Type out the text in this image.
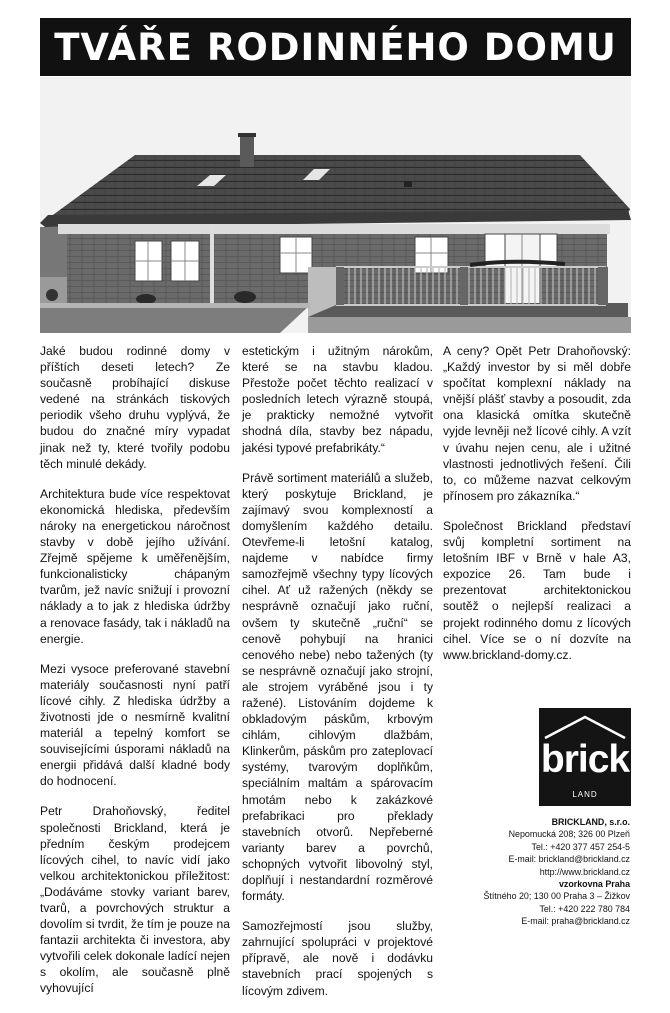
TVÁŘE RODINNÉHO DOMU

Jaké budou rodinné domy v příštích deseti letech? Ze současně probíhající diskuse vedené na stránkách tiskových periodik všeho druhu vyplývá, že budou do značné míry vypadat jinak než ty, které tvořily podobu těch minulé dekády.

Architektura bude více respektovat ekonomická hlediska, především nároky na energetickou náročnost stavby v době jejího užívání. Zřejmě spějeme k uměřenějším, funkcionalisticky chápaným tvarům, jež navíc snižují i provozní náklady a to jak z hlediska údržby a renovace fasády, tak i nákladů na energie.

Mezi vysoce preferované stavební materiály současnosti nyní patří lícové cihly. Z hlediska údržby a životnosti jde o nesmírně kvalitní materiál a tepelný komfort se souvisejícími úsporami nákladů na energii přidává další kladné body do hodnocení.

Petr Drahoňovský, ředitel společnosti Brickland, která je předním českým prodejcem lícových cihel, to navíc vidí jako velkou architektonickou příležitost: „Dodáváme stovky variant barev, tvarů, a povrchových struktur a dovolím si tvrdit, že tím je pouze na fantazii architekta či investora, aby vytvořili celek dokonale ladící nejen s okolím, ale současně plně vyhovující

estetickým i užitným nárokům, které se na stavbu kladou. Přestože počet těchto realizací v posledních letech výrazně stoupá, je prakticky nemožné vytvořit shodná díla, stavby bez nápadu, jakési typové prefabrikáty.“

Právě sortiment materiálů a služeb, který poskytuje Brickland, je zajímavý svou komplexností a domyšlením každého detailu. Otevřeme-li letošní katalog, najdeme v nabídce firmy samozřejmě všechny typy lícových cihel. Ať už ražených (někdy se nesprávně označují jako ruční, ovšem ty skutečně „ruční“ se cenově pohybují na hranici cenového nebe) nebo tažených (ty se nesprávně označují jako strojní, ale strojem vyráběné jsou i ty ražené). Listováním dojdeme k obkladovým páskům, krbovým cihlám, cihlovým dlažbám, Klinkerům, páskům pro zateplovací systémy, tvarovým doplňkům, speciálním maltám a spárovacím hmotám nebo k zakázkové prefabrikaci pro překlady stavebních otvorů. Nepřeberné varianty barev a povrchů, schopných vytvořit libovolný styl, doplňují i nestandardní rozměrové formáty.

Samozřejmostí jsou služby, zahrnující spolupráci v projektové přípravě, ale nově i dodávku stavebních prací spojených s lícovým zdivem.

A ceny? Opět Petr Drahoňovský: „Každý investor by si měl dobře spočítat komplexní náklady na vnější plášť stavby a posoudit, zda ona klasická omítka skutečně vyjde levněji než lícové cihly. A vzít v úvahu nejen cenu, ale i užitné vlastnosti jednotlivých řešení. Čili to, co můžeme nazvat celkovým přínosem pro zákazníka.“

Společnost Brickland představí svůj kompletní sortiment na letošním IBF v Brně v hale A3, expozice 26. Tam bude i prezentovat architektonickou soutěž o nejlepší realizaci a projekt rodinného domu z lícových cihel. Více se o ní dozvíte na www.brickland-domy.cz.

brick
LAND
BRICKLAND, s.r.o.
Nepomucká 208; 326 00 Plzeň
Tel.: +420 377 457 254-5
E-mail: brickland@brickland.cz
http://www.brickland.cz
vzorkovna Praha
Štítného 20; 130 00 Praha 3 – Žižkov
Tel.: +420 222 780 784
E-mail: praha@brickland.cz
